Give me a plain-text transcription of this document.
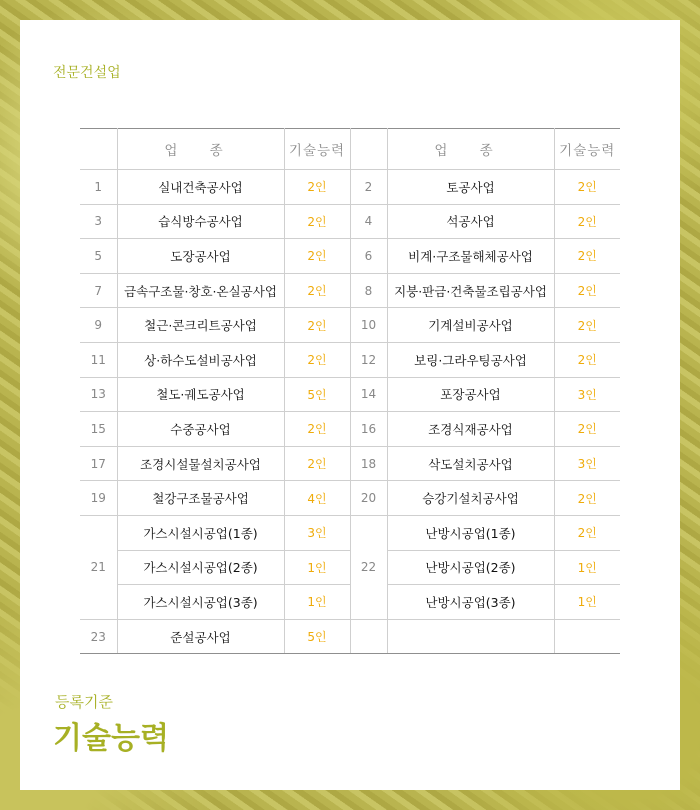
전문건설업
	업 종	기술능력		업 종	기술능력
1	실내건축공사업	2인	2	토공사업	2인
3	습식방수공사업	2인	4	석공사업	2인
5	도장공사업	2인	6	비계·구조물해체공사업	2인
7	금속구조물·창호·온실공사업	2인	8	지붕·판금·건축물조립공사업	2인
9	철근·콘크리트공사업	2인	10	기계설비공사업	2인
11	상·하수도설비공사업	2인	12	보링·그라우팅공사업	2인
13	철도·궤도공사업	5인	14	포장공사업	3인
15	수중공사업	2인	16	조경식재공사업	2인
17	조경시설물설치공사업	2인	18	삭도설치공사업	3인
19	철강구조물공사업	4인	20	승강기설치공사업	2인
21	가스시설시공업(1종)	3인	22	난방시공업(1종)	2인
	가스시설시공업(2종)	1인		난방시공업(2종)	1인
	가스시설시공업(3종)	1인		난방시공업(3종)	1인
23	준설공사업	5인			
등록기준
기술능력
